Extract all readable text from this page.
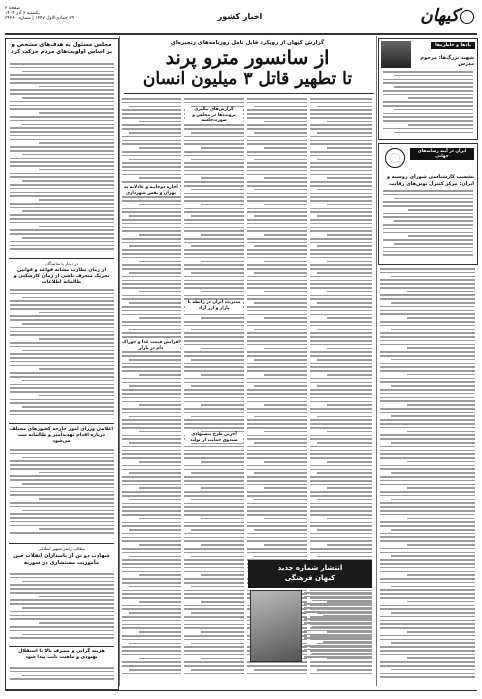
کیهان
اخبار کشور
صفحه ۲
یکشنبه ۶ آذر ۱۴۰۴
۲۹ جمادی‌الاول ۱۴۴۷ | شماره ۲۴۲۶۰
گزارش کیهان از رویکرد قابل تامل روزنامه‌های زنجیره‌ای
از سانسور مترو پرند
تا تطهیر قاتل ۳ میلیون انسان
یادها و خاطره‌ها
شهید بزرگ‌ها: مرحوم مدرس
ایران در آینه رسانه‌های جهانی
نشست کارشناسی شورای روسیه و ایران: مرکز کنترل نوین‌های رقابت
مجلس مسئول به هدف‌های مشخص و بر اساس اولویت‌های مردم حرکت کرد
در دیدار با نمایندگان
از زمان نظارت مشابه قواعد و قوانین تحریک منحرف ناشی از زمان کارشکنی و ظالمانه اطلاعات
اعلامی وزرای امور خارجه کشورهای مختلف درباره اقدام تهدیدآمیز و ظالمانه ثبت می‌شود
مطالب رئیس‌جمهور اسلامی
شهادت دو تن از پاسداران انقلاب حین مأموریت مستشاری در سوریه
هزینه گرانی و مصرف بالا با استقلال بهبودی و ماهیت ثابت پیدا شود
گزارش‌های پیگیری پرونده‌ها در مجلس و صورت‌جلسه
اجاره دوجانبه و عادلانه به تهران و نقش شهرداری
مدیریت ایران در رابطه با بازار و ارز آزاد
افزایش قیمت غذا و خوراک دام در بازار
آخرین طرح پیشنهادی صندوق حمایت از تولید
انتشار شماره جدید
کیهان فرهنگی
